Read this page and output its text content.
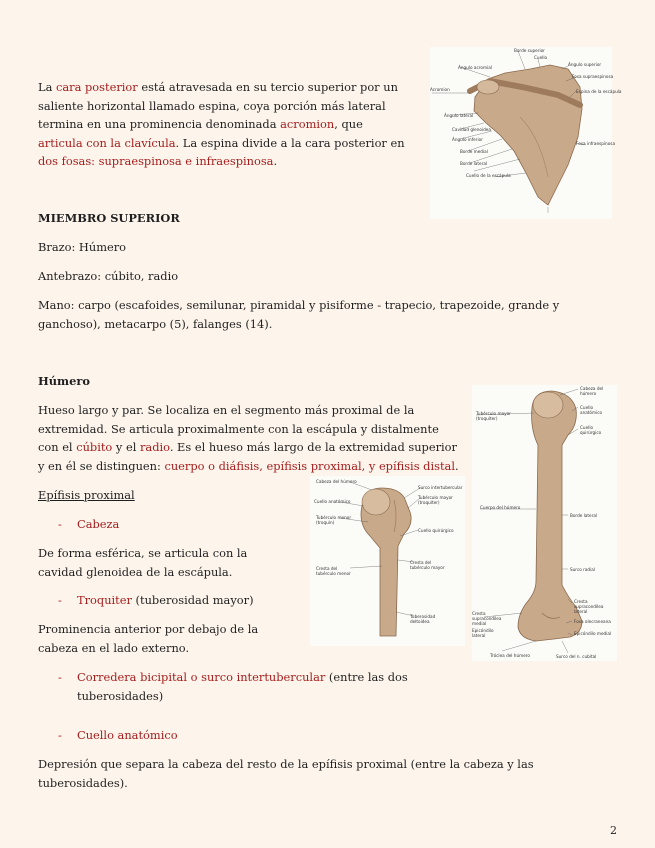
La cara posterior está atravesada en su tercio superior por un saliente horizontal llamado espina, coya porción más lateral termina en una prominencia denominada acromion, que articula con la clavícula. La espina divide a la cara posterior en dos fosas: supraespinosa e infraespinosa.
Ángulo acromial
Borde superior
Ángulo superior
Fosa supraespinosa
Cuello
Espina de la escápula
Acromion
Ángulo lateral
Cavidad glenoidea
Ángulo inferior
Borde medial
Borde lateral
Fosa infraespinosa
Cuello de la escápula
MIEMBRO SUPERIOR
Brazo: Húmero
Antebrazo: cúbito, radio
Mano: carpo (escafoides, semilunar, piramidal y pisiforme - trapecio, trapezoide, grande y ganchoso), metacarpo (5), falanges (14).
Húmero
Hueso largo y par. Se localiza en el segmento más proximal de la extremidad. Se articula proximalmente con la escápula y distalmente con el cúbito y el radio. Es el hueso más largo de la extremidad superior y en él se distinguen: cuerpo o diáfisis, epífisis proximal, y epífisis distal.
Epífisis proximal
- Cabeza
De forma esférica, se articula con la cavidad glenoidea de la escápula.
- Troquiter (tuberosidad mayor)
Prominencia anterior por debajo de la cabeza en el lado externo.
- Corredera bicipital o surco intertubercular (entre las dos tuberosidades)
- Cuello anatómico
Depresión que separa la cabeza del resto de la epífisis proximal (entre la cabeza y las tuberosidades).
Cabeza del húmero
Surco intertubercular
Cuello anatómico
Tubérculo mayor (troquíter)
Tubérculo menor (troquín)
Cuello quirúrgico
Cresta del tubérculo mayor
Cresta del tubérculo menor
Tuberosidad deltoidea
Cabeza del húmero
Tubérculo mayor (troquíter)
Cuello anatómico
Cuello quirúrgico
Cuerpo del húmero
Borde lateral
Surco radial
Cresta supracondílea lateral
Fosa olecraneana
Epicóndilo medial
Epicóndilo lateral
Tróclea del húmero	Surco del n. cubital
Cresta supracondílea medial
2
